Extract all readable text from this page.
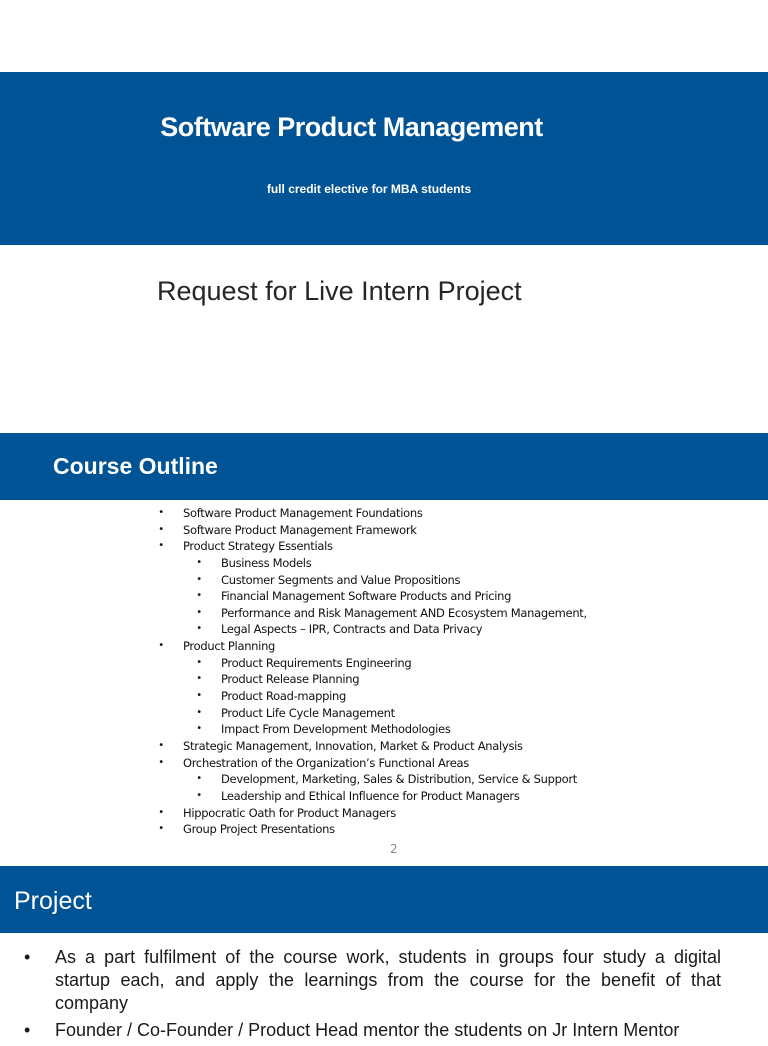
Software Product Management
full credit elective for MBA students
Request for Live Intern Project
Course Outline
• Software Product Management Foundations
• Software Product Management Framework
• Product Strategy Essentials
• Business Models
• Customer Segments and Value Propositions
• Financial Management Software Products and Pricing
• Performance and Risk Management AND Ecosystem Management,
• Legal Aspects – IPR, Contracts and Data Privacy
• Product Planning
• Product Requirements Engineering
• Product Release Planning
• Product Road-mapping
• Product Life Cycle Management
• Impact From Development Methodologies
• Strategic Management, Innovation, Market & Product Analysis
• Orchestration of the Organization’s Functional Areas
• Development, Marketing, Sales & Distribution, Service & Support
• Leadership and Ethical Influence for Product Managers
• Hippocratic Oath for Product Managers
• Group Project Presentations
2
Project
• As a part fulfilment of the course work, students in groups four study a digital startup each, and apply the learnings from the course for the benefit of that company
• Founder / Co-Founder / Product Head mentor the students on Jr Intern Mentor
